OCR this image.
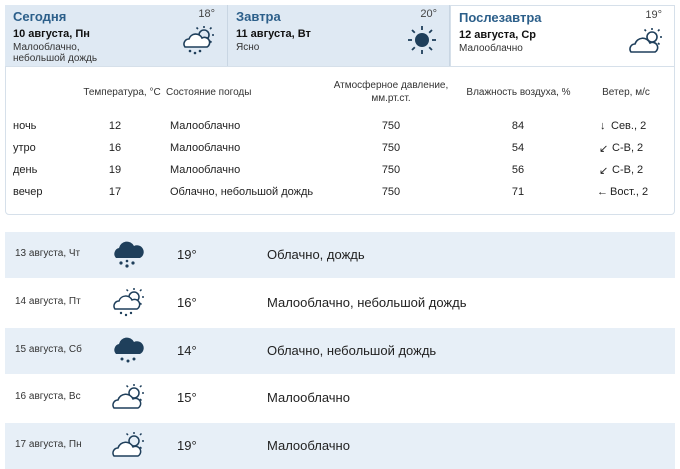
Сегодня	18°
10 августа, Пн
Малооблачно, небольшой дождь
Завтра	20°
11 августа, Вт
Ясно
Послезавтра	19°
12 августа, Ср
Малооблачно
Температура, °С Состояние погоды
Атмосферное давление, мм.рт.ст.
Влажность воздуха, %	Ветер, м/с
ночь	12	Малооблачно	750	84	↓ Сев., 2
утро	16	Малооблачно	750	54	↙ С-В, 2
день	19	Малооблачно	750	56	↙ С-В, 2
вечер	17	Облачно, небольшой дождь	750	71	← Вост., 2
13 августа, Чт	19°	Облачно, дождь
14 августа, Пт	16°	Малооблачно, небольшой дождь
15 августа, Сб	14°	Облачно, небольшой дождь
16 августа, Вс	15°	Малооблачно
17 августа, Пн	19°	Малооблачно
